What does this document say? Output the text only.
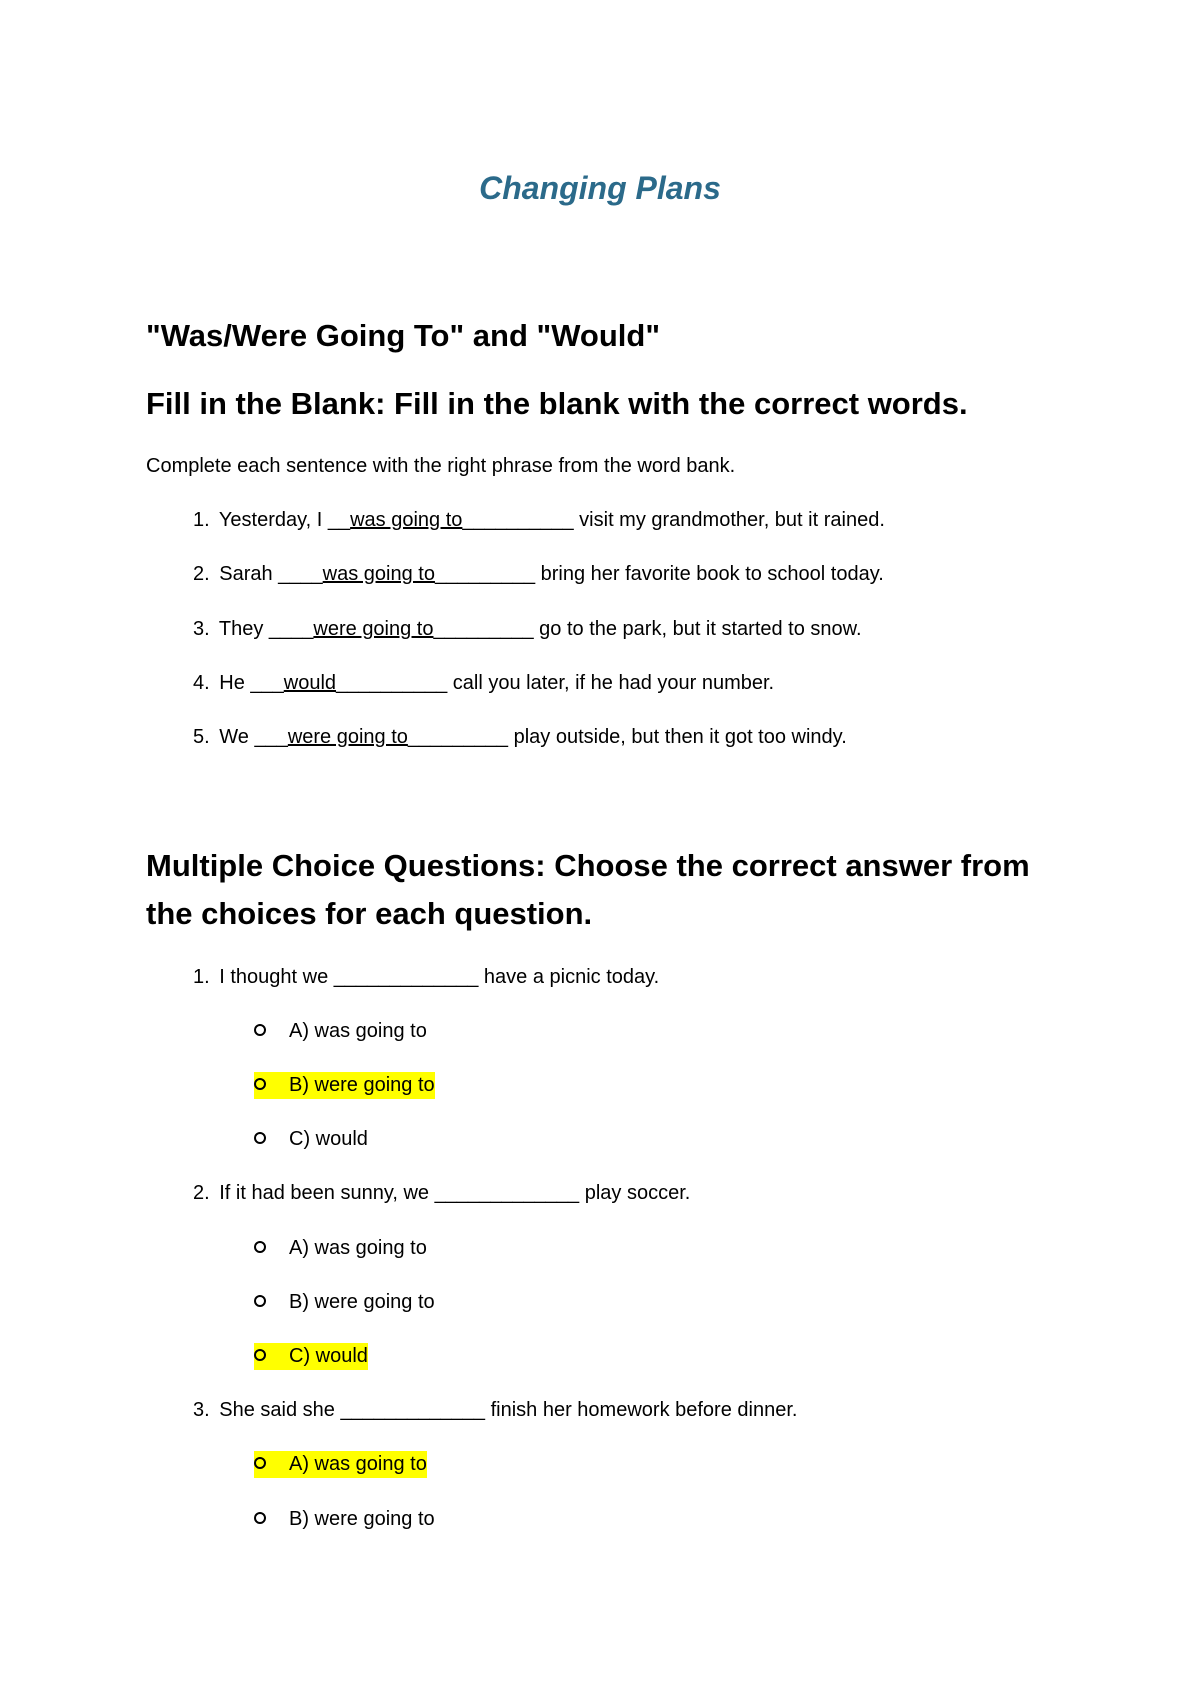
Changing Plans
"Was/Were Going To" and "Would"
Fill in the Blank: Fill in the blank with the correct words.
Complete each sentence with the right phrase from the word bank.
1. Yesterday, I __was going to__________ visit my grandmother, but it rained.
2. Sarah ____was going to_________ bring her favorite book to school today.
3. They ____were going to_________ go to the park, but it started to snow.
4. He ___would__________ call you later, if he had your number.
5. We ___were going to_________ play outside, but then it got too windy.
Multiple Choice Questions: Choose the correct answer from the choices for each question.
1. I thought we _____________ have a picnic today.
A) was going to
B) were going to
C) would
2. If it had been sunny, we _____________ play soccer.
A) was going to
B) were going to
C) would
3. She said she _____________ finish her homework before dinner.
A) was going to
B) were going to
